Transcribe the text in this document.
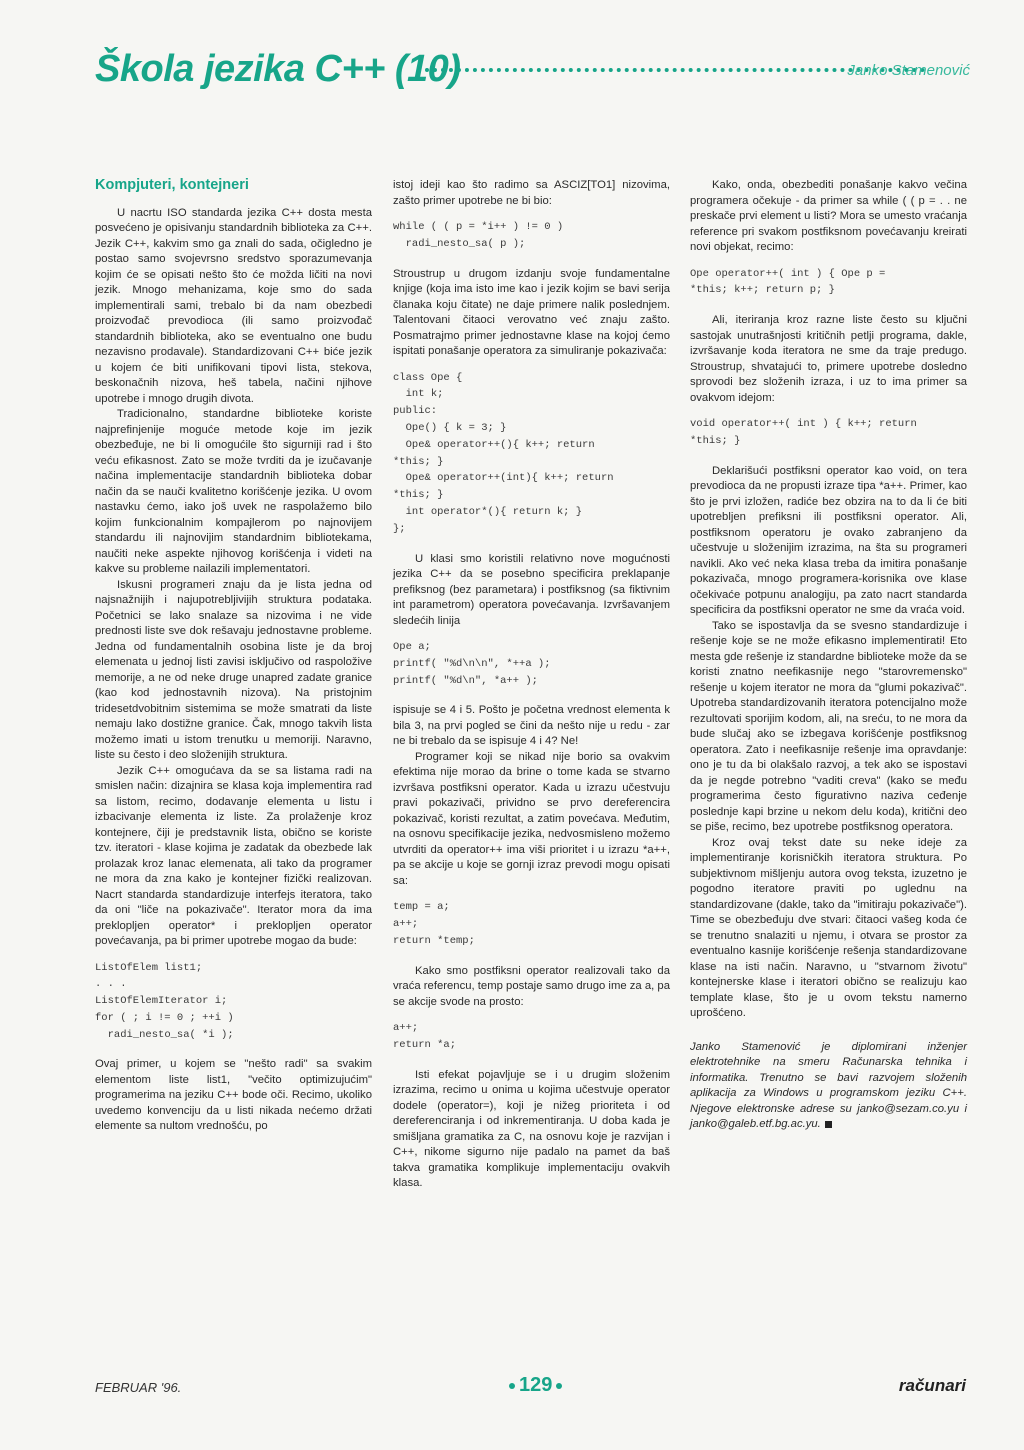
Škola jezika C++ (10)	Janko Stamenović
Kompjuteri, kontejneri

U nacrtu ISO standarda jezika C++ dosta mesta posvećeno je opisivanju standardnih biblioteka za C++. Jezik C++, kakvim smo ga znali do sada, očigledno je postao samo svojevrsno sredstvo sporazumevanja kojim će se opisati nešto što će možda ličiti na novi jezik. Mnogo mehanizama, koje smo do sada implementirali sami, trebalo bi da nam obezbedi proizvođač prevodioca (ili samo proizvođač standardnih biblioteka, ako se eventualno one budu nezavisno prodavale). Standardizovani C++ biće jezik u kojem će biti unifikovani tipovi lista, stekova, beskonačnih nizova, heš tabela, načini njihove upotrebe i mnogo drugih divota.

Tradicionalno, standardne biblioteke koriste najprefinjenije moguće metode koje im jezik obezbeđuje, ne bi li omogućile što sigurniji rad i što veću efikasnost. Zato se može tvrditi da je izučavanje načina implementacije standardnih biblioteka dobar način da se nauči kvalitetno korišćenje jezika. U ovom nastavku ćemo, iako još uvek ne raspolažemo bilo kojim funkcionalnim kompajlerom po najnovijem standardu ili najnovijim standardnim bibliotekama, naučiti neke aspekte njihovog korišćenja i videti na kakve su probleme nailazili implementatori.

Iskusni programeri znaju da je lista jedna od najsnažnijih i najupotrebljivijih struktura podataka. Početnici se lako snalaze sa nizovima i ne vide prednosti liste sve dok rešavaju jednostavne probleme. Jedna od fundamentalnih osobina liste je da broj elemenata u jednoj listi zavisi isključivo od raspoložive memorije, a ne od neke druge unapred zadate granice (kao kod jednostavnih nizova). Na pristojnim tridesetdvobitnim sistemima se može smatrati da liste nemaju lako dostižne granice. Čak, mnogo takvih lista možemo imati u istom trenutku u memoriji. Naravno, liste su često i deo složenijih struktura.

Jezik C++ omogućava da se sa listama radi na smislen način: dizajnira se klasa koja implementira rad sa listom, recimo, dodavanje elementa u listu i izbacivanje elementa iz liste. Za prolaženje kroz kontejnere, čiji je predstavnik lista, obično se koriste tzv. iteratori - klase kojima je zadatak da obezbede lak prolazak kroz lanac elemenata, ali tako da programer ne mora da zna kako je kontejner fizički realizovan. Nacrt standarda standardizuje interfejs iteratora, tako da oni "liče na pokazivače". Iterator mora da ima preklopljen operator* i preklopljen operator povećavanja, pa bi primer upotrebe mogao da bude:

ListOfElem list1;
. . .
ListOfElemIterator i;
for ( ; i != 0 ; ++i )
radi_nesto_sa( *i );

Ovaj primer, u kojem se "nešto radi" sa svakim elementom liste list1, "večito optimizujućim" programerima na jeziku C++ bode oči. Recimo, ukoliko uvedemo konvenciju da u listi nikada nećemo držati elemente sa nultom vrednošću, po

istoj ideji kao što radimo sa ASCIZ[TO1] nizovima, zašto primer upotrebe ne bi bio:

while ( ( p = *i++ ) != 0 )
radi_nesto_sa( p );

Stroustrup u drugom izdanju svoje fundamentalne knjige (koja ima isto ime kao i jezik kojim se bavi serija članaka koju čitate) ne daje primere nalik poslednjem. Talentovani čitaoci verovatno već znaju zašto. Posmatrajmo primer jednostavne klase na kojoj ćemo ispitati ponašanje operatora za simuliranje pokazivača:

class Ope {
int k;
public:
Ope() { k = 3; }
Ope& operator++(){ k++; return
*this; }
Ope& operator++(int){ k++; return
*this; }
int operator*(){ return k; }
};

U klasi smo koristili relativno nove mogućnosti jezika C++ da se posebno specificira preklapanje prefiksnog (bez parametara) i postfiksnog (sa fiktivnim int parametrom) operatora povećavanja. Izvršavanjem sledećih linija

Ope a;
printf( "%d\n\n", *++a );
printf( "%d\n", *a++ );

ispisuje se 4 i 5. Pošto je početna vrednost elementa k bila 3, na prvi pogled se čini da nešto nije u redu - zar ne bi trebalo da se ispisuje 4 i 4? Ne!

Programer koji se nikad nije borio sa ovakvim efektima nije morao da brine o tome kada se stvarno izvršava postfiksni operator. Kada u izrazu učestvuju pravi pokazivači, prividno se prvo dereferencira pokazivač, koristi rezultat, a zatim povećava. Međutim, na osnovu specifikacije jezika, nedvosmisleno možemo utvrditi da operator++ ima viši prioritet i u izrazu *a++, pa se akcije u koje se gornji izraz prevodi mogu opisati sa:

temp = a;
a++;
return *temp;

Kako smo postfiksni operator realizovali tako da vraća referencu, temp postaje samo drugo ime za a, pa se akcije svode na prosto:

a++;
return *a;

Isti efekat pojavljuje se i u drugim složenim izrazima, recimo u onima u kojima učestvuje operator dodele (operator=), koji je nižeg prioriteta i od dereferenciranja i od inkrementiranja. U doba kada je smišljana gramatika za C, na osnovu koje je razvijan i C++, nikome sigurno nije padalo na pamet da baš takva gramatika komplikuje implementaciju ovakvih klasa.

Kako, onda, obezbediti ponašanje kakvo večina programera očekuje - da primer sa while ( ( p = . . ne preskače prvi element u listi? Mora se umesto vraćanja reference pri svakom postfiksnom povećavanju kreirati novi objekat, recimo:

Ope operator++( int ) { Ope p =
*this; k++; return p; }

Ali, iteriranja kroz razne liste često su ključni sastojak unutrašnjosti kritičnih petlji programa, dakle, izvršavanje koda iteratora ne sme da traje predugo. Stroustrup, shvatajući to, primere upotrebe dosledno sprovodi bez složenih izraza, i uz to ima primer sa ovakvom idejom:

void operator++( int ) { k++; return
*this; }

Deklarišući postfiksni operator kao void, on tera prevodioca da ne propusti izraze tipa *a++. Primer, kao što je prvi izložen, radiće bez obzira na to da li će biti upotrebljen prefiksni ili postfiksni operator. Ali, postfiksnom operatoru je ovako zabranjeno da učestvuje u složenijim izrazima, na šta su programeri navikli. Ako već neka klasa treba da imitira ponašanje pokazivača, mnogo programera-korisnika ove klase očekivaće potpunu analogiju, pa zato nacrt standarda specificira da postfiksni operator ne sme da vraća void.

Tako se ispostavlja da se svesno standardizuje i rešenje koje se ne može efikasno implementirati! Eto mesta gde rešenje iz standardne biblioteke može da se koristi znatno neefikasnije nego "starovremensko" rešenje u kojem iterator ne mora da "glumi pokazivač". Upotreba standardizovanih iteratora potencijalno može rezultovati sporijim kodom, ali, na sreću, to ne mora da bude slučaj ako se izbegava korišćenje postfiksnog operatora. Zato i neefikasnije rešenje ima opravdanje: ono je tu da bi olakšalo razvoj, a tek ako se ispostavi da je negde potrebno "vaditi creva" (kako se među programerima često figurativno naziva ceđenje poslednje kapi brzine u nekom delu koda), kritični deo se piše, recimo, bez upotrebe postfiksnog operatora.

Kroz ovaj tekst date su neke ideje za implementiranje korisničkih iteratora struktura. Po subjektivnom mišljenju autora ovog teksta, izuzetno je pogodno iteratore praviti po uglednu na standardizovane (dakle, tako da "imitiraju pokazivače"). Time se obezbeđuju dve stvari: čitaoci vašeg koda će se trenutno snalaziti u njemu, i otvara se prostor za eventualno kasnije korišćenje rešenja standardizovane klase na isti način. Naravno, u "stvarnom životu" kontejnerske klase i iteratori obično se realizuju kao template klase, što je u ovom tekstu namerno uprošćeno.

Janko Stamenović je diplomirani inženjer elektrotehnike na smeru Računarska tehnika i informatika. Trenutno se bavi razvojem složenih aplikacija za Windows u programskom jeziku C++. Njegove elektronske adrese su janko@sezam.co.yu i janko@galeb.etf.bg.ac.yu.

FEBRUAR '96.	129	računari
